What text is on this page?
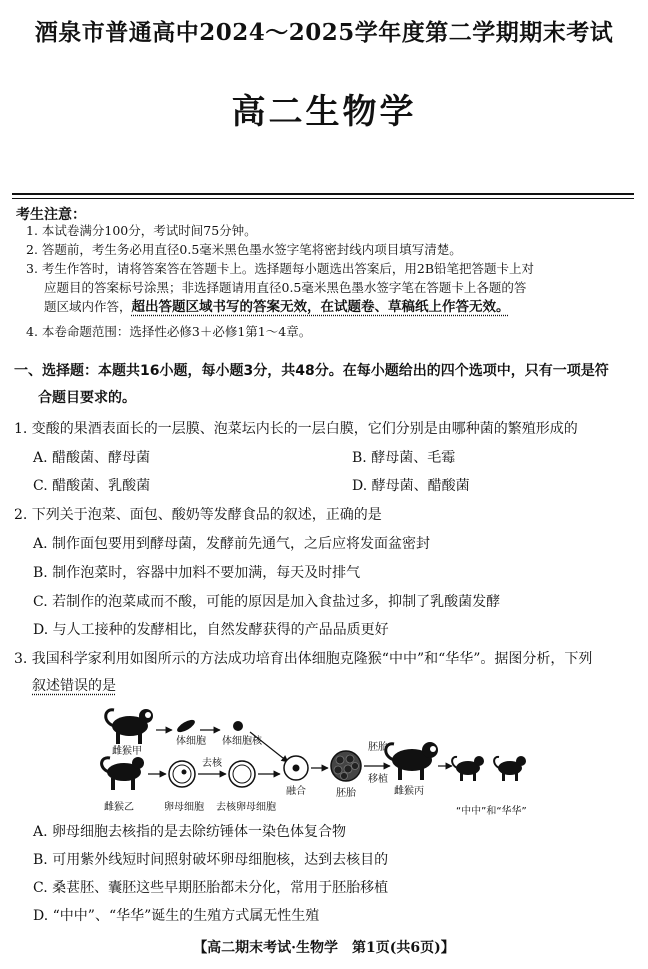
酒泉市普通高中2024～2025学年度第二学期期末考试
高二生物学
考生注意：
1. 本试卷满分100分，考试时间75分钟。
2. 答题前，考生务必用直径0.5毫米黑色墨水签字笔将密封线内项目填写清楚。
3. 考生作答时，请将答案答在答题卡上。选择题每小题选出答案后，用2B铅笔把答题卡上对
应题目的答案标号涂黑；非选择题请用直径0.5毫米黑色墨水签字笔在答题卡上各题的答
题区域内作答，超出答题区域书写的答案无效，在试题卷、草稿纸上作答无效。
4. 本卷命题范围：选择性必修3＋必修1第1～4章。
一、选择题：本题共16小题，每小题3分，共48分。在每小题给出的四个选项中，只有一项是符
合题目要求的。
1. 变酸的果酒表面长的一层膜、泡菜坛内长的一层白膜，它们分别是由哪种菌的繁殖形成的
A. 醋酸菌、酵母菌	B. 酵母菌、毛霉
C. 醋酸菌、乳酸菌	D. 酵母菌、醋酸菌
2. 下列关于泡菜、面包、酸奶等发酵食品的叙述，正确的是
A. 制作面包要用到酵母菌，发酵前先通气，之后应将发面盆密封
B. 制作泡菜时，容器中加料不要加满，每天及时排气
C. 若制作的泡菜咸而不酸，可能的原因是加入食盐过多，抑制了乳酸菌发酵
D. 与人工接种的发酵相比，自然发酵获得的产品品质更好
3. 我国科学家利用如图所示的方法成功培育出体细胞克隆猴“中中”和“华华”。据图分析，下列
叙述错误的是
雌猴甲
体细胞 体细胞核
雌猴乙	卵母细胞
去核
去核卵母细胞
融合	胚胎
胚胎
移植
雌猴丙
“中中”和“华华”
A. 卵母细胞去核指的是去除纺锤体一染色体复合物
B. 可用紫外线短时间照射破坏卵母细胞核，达到去核目的
C. 桑葚胚、囊胚这些早期胚胎都未分化，常用于胚胎移植
D. “中中”、“华华”诞生的生殖方式属无性生殖
【高二期末考试·生物学　第1页(共6页)】
